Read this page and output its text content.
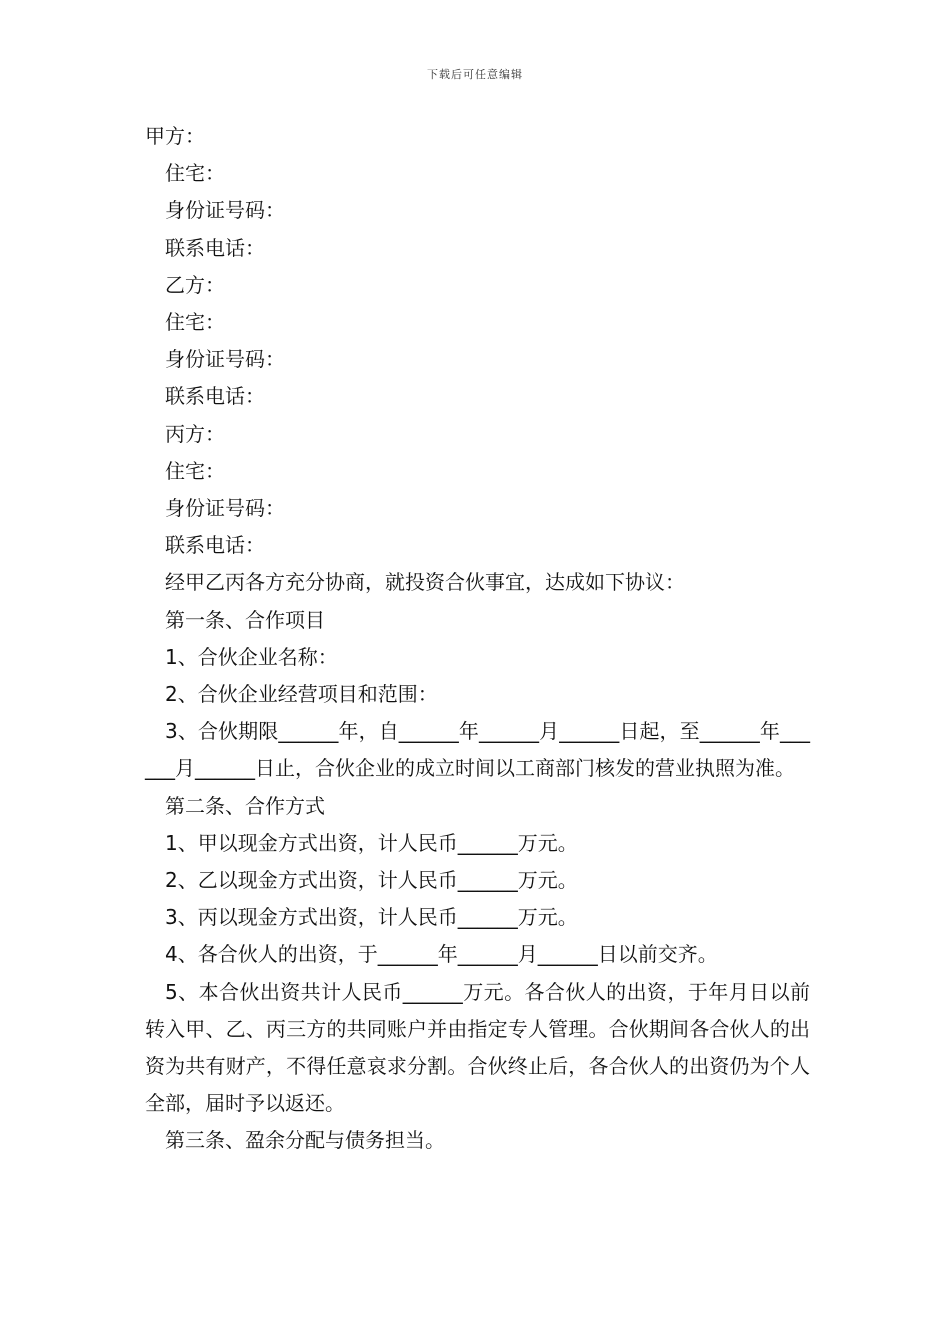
下载后可任意编辑
甲方：
住宅：
身份证号码：
联系电话：
乙方：
住宅：
身份证号码：
联系电话：
丙方：
住宅：
身份证号码：
联系电话：
经甲乙丙各方充分协商，就投资合伙事宜，达成如下协议：
第一条、合作项目
1、合伙企业名称：
2、合伙企业经营项目和范围：
3、合伙期限______年，自______年______月______日起，至______年______月______日止，合伙企业的成立时间以工商部门核发的营业执照为准。
第二条、合作方式
1、甲以现金方式出资，计人民币______万元。
2、乙以现金方式出资，计人民币______万元。
3、丙以现金方式出资，计人民币______万元。
4、各合伙人的出资，于______年______月______日以前交齐。
5、本合伙出资共计人民币______万元。各合伙人的出资，于年月日以前转入甲、乙、丙三方的共同账户并由指定专人管理。合伙期间各合伙人的出资为共有财产，不得任意哀求分割。合伙终止后，各合伙人的出资仍为个人全部，届时予以返还。
第三条、盈余分配与债务担当。
